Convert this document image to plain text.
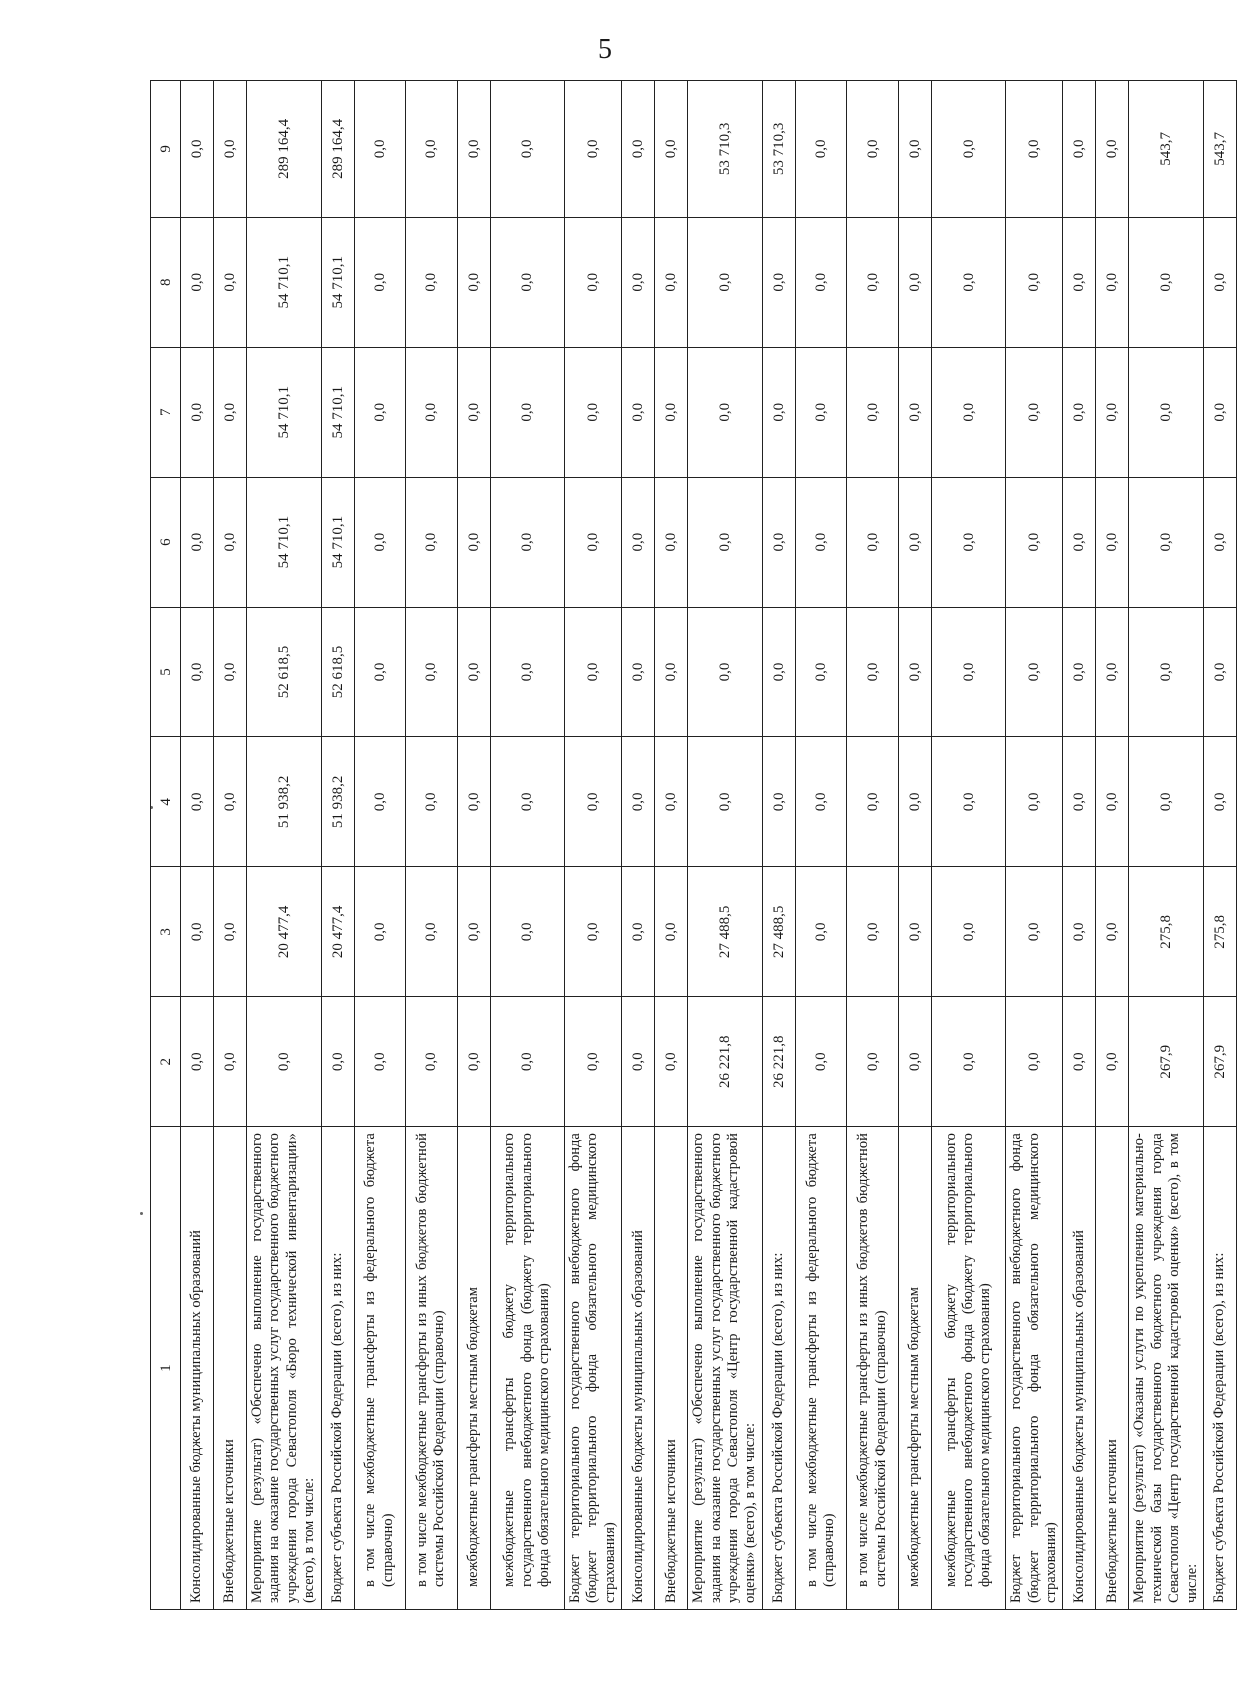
5
1	2	3	4	5	6	7	8	9
Консолидированные бюджеты муниципальных образований	0,0	0,0	0,0	0,0	0,0	0,0	0,0	0,0
Внебюджетные источники	0,0	0,0	0,0	0,0	0,0	0,0	0,0	0,0
Мероприятие (результат) «Обеспечено выполнение государственного задания на оказание государственных услуг государственного бюджетного учреждения города Севастополя «Бюро технической инвентаризации» (всего), в том числе:	0,0	20 477,4	51 938,2	52 618,5	54 710,1	54 710,1	54 710,1	289 164,4
Бюджет субъекта Российской Федерации (всего), из них:	0,0	20 477,4	51 938,2	52 618,5	54 710,1	54 710,1	54 710,1	289 164,4
в том числе межбюджетные трансферты из федерального бюджета (справочно)	0,0	0,0	0,0	0,0	0,0	0,0	0,0	0,0
в том числе межбюджетные трансферты из иных бюджетов бюджетной системы Российской Федерации (справочно)	0,0	0,0	0,0	0,0	0,0	0,0	0,0	0,0
межбюджетные трансферты местным бюджетам	0,0	0,0	0,0	0,0	0,0	0,0	0,0	0,0
межбюджетные трансферты бюджету территориального государственного внебюджетного фонда (бюджету территориального фонда обязательного медицинского страхования)	0,0	0,0	0,0	0,0	0,0	0,0	0,0	0,0
Бюджет территориального государственного внебюджетного фонда (бюджет территориального фонда обязательного медицинского страхования)	0,0	0,0	0,0	0,0	0,0	0,0	0,0	0,0
Консолидированные бюджеты муниципальных образований	0,0	0,0	0,0	0,0	0,0	0,0	0,0	0,0
Внебюджетные источники	0,0	0,0	0,0	0,0	0,0	0,0	0,0	0,0
Мероприятие (результат) «Обеспечено выполнение государственного задания на оказание государственных услуг государственного бюджетного учреждения города Севастополя «Центр государственной кадастровой оценки» (всего), в том числе:	26 221,8	27 488,5	0,0	0,0	0,0	0,0	0,0	53 710,3
Бюджет субъекта Российской Федерации (всего), из них:	26 221,8	27 488,5	0,0	0,0	0,0	0,0	0,0	53 710,3
в том числе межбюджетные трансферты из федерального бюджета (справочно)	0,0	0,0	0,0	0,0	0,0	0,0	0,0	0,0
в том числе межбюджетные трансферты из иных бюджетов бюджетной системы Российской Федерации (справочно)	0,0	0,0	0,0	0,0	0,0	0,0	0,0	0,0
межбюджетные трансферты местным бюджетам	0,0	0,0	0,0	0,0	0,0	0,0	0,0	0,0
межбюджетные трансферты бюджету территориального государственного внебюджетного фонда (бюджету территориального фонда обязательного медицинского страхования)	0,0	0,0	0,0	0,0	0,0	0,0	0,0	0,0
Бюджет территориального государственного внебюджетного фонда (бюджет территориального фонда обязательного медицинского страхования)	0,0	0,0	0,0	0,0	0,0	0,0	0,0	0,0
Консолидированные бюджеты муниципальных образований	0,0	0,0	0,0	0,0	0,0	0,0	0,0	0,0
Внебюджетные источники	0,0	0,0	0,0	0,0	0,0	0,0	0,0	0,0
Мероприятие (результат) «Оказаны услуги по укреплению материально-технической базы государственного бюджетного учреждения города Севастополя «Центр государственной кадастровой оценки» (всего), в том числе:	267,9	275,8	0,0	0,0	0,0	0,0	0,0	543,7
Бюджет субъекта Российской Федерации (всего), из них:	267,9	275,8	0,0	0,0	0,0	0,0	0,0	543,7
